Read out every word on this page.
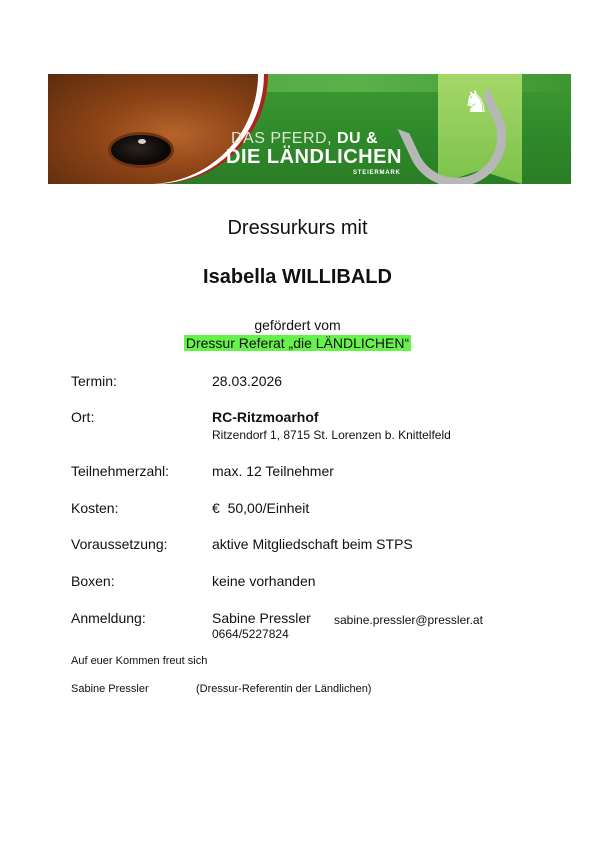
♞
DAS PFERD, DU &
DIE LÄNDLICHEN
STEIERMARK
Dressurkurs mit
Isabella WILLIBALD
gefördert vom
Dressur Referat „die LÄNDLICHEN“
Termin:	28.03.2026
Ort:	RC-Ritzmoarhof
Ritzendorf 1, 8715 St. Lorenzen b. Knittelfeld
Teilnehmerzahl:	max. 12 Teilnehmer
Kosten:	€  50,00/Einheit
Voraussetzung:	aktive Mitgliedschaft beim STPS
Boxen:	keine vorhanden
Anmeldung:	Sabine Pressler sabine.pressler@pressler.at
0664/5227824
Auf euer Kommen freut sich
Sabine Pressler	(Dressur-Referentin der Ländlichen)
